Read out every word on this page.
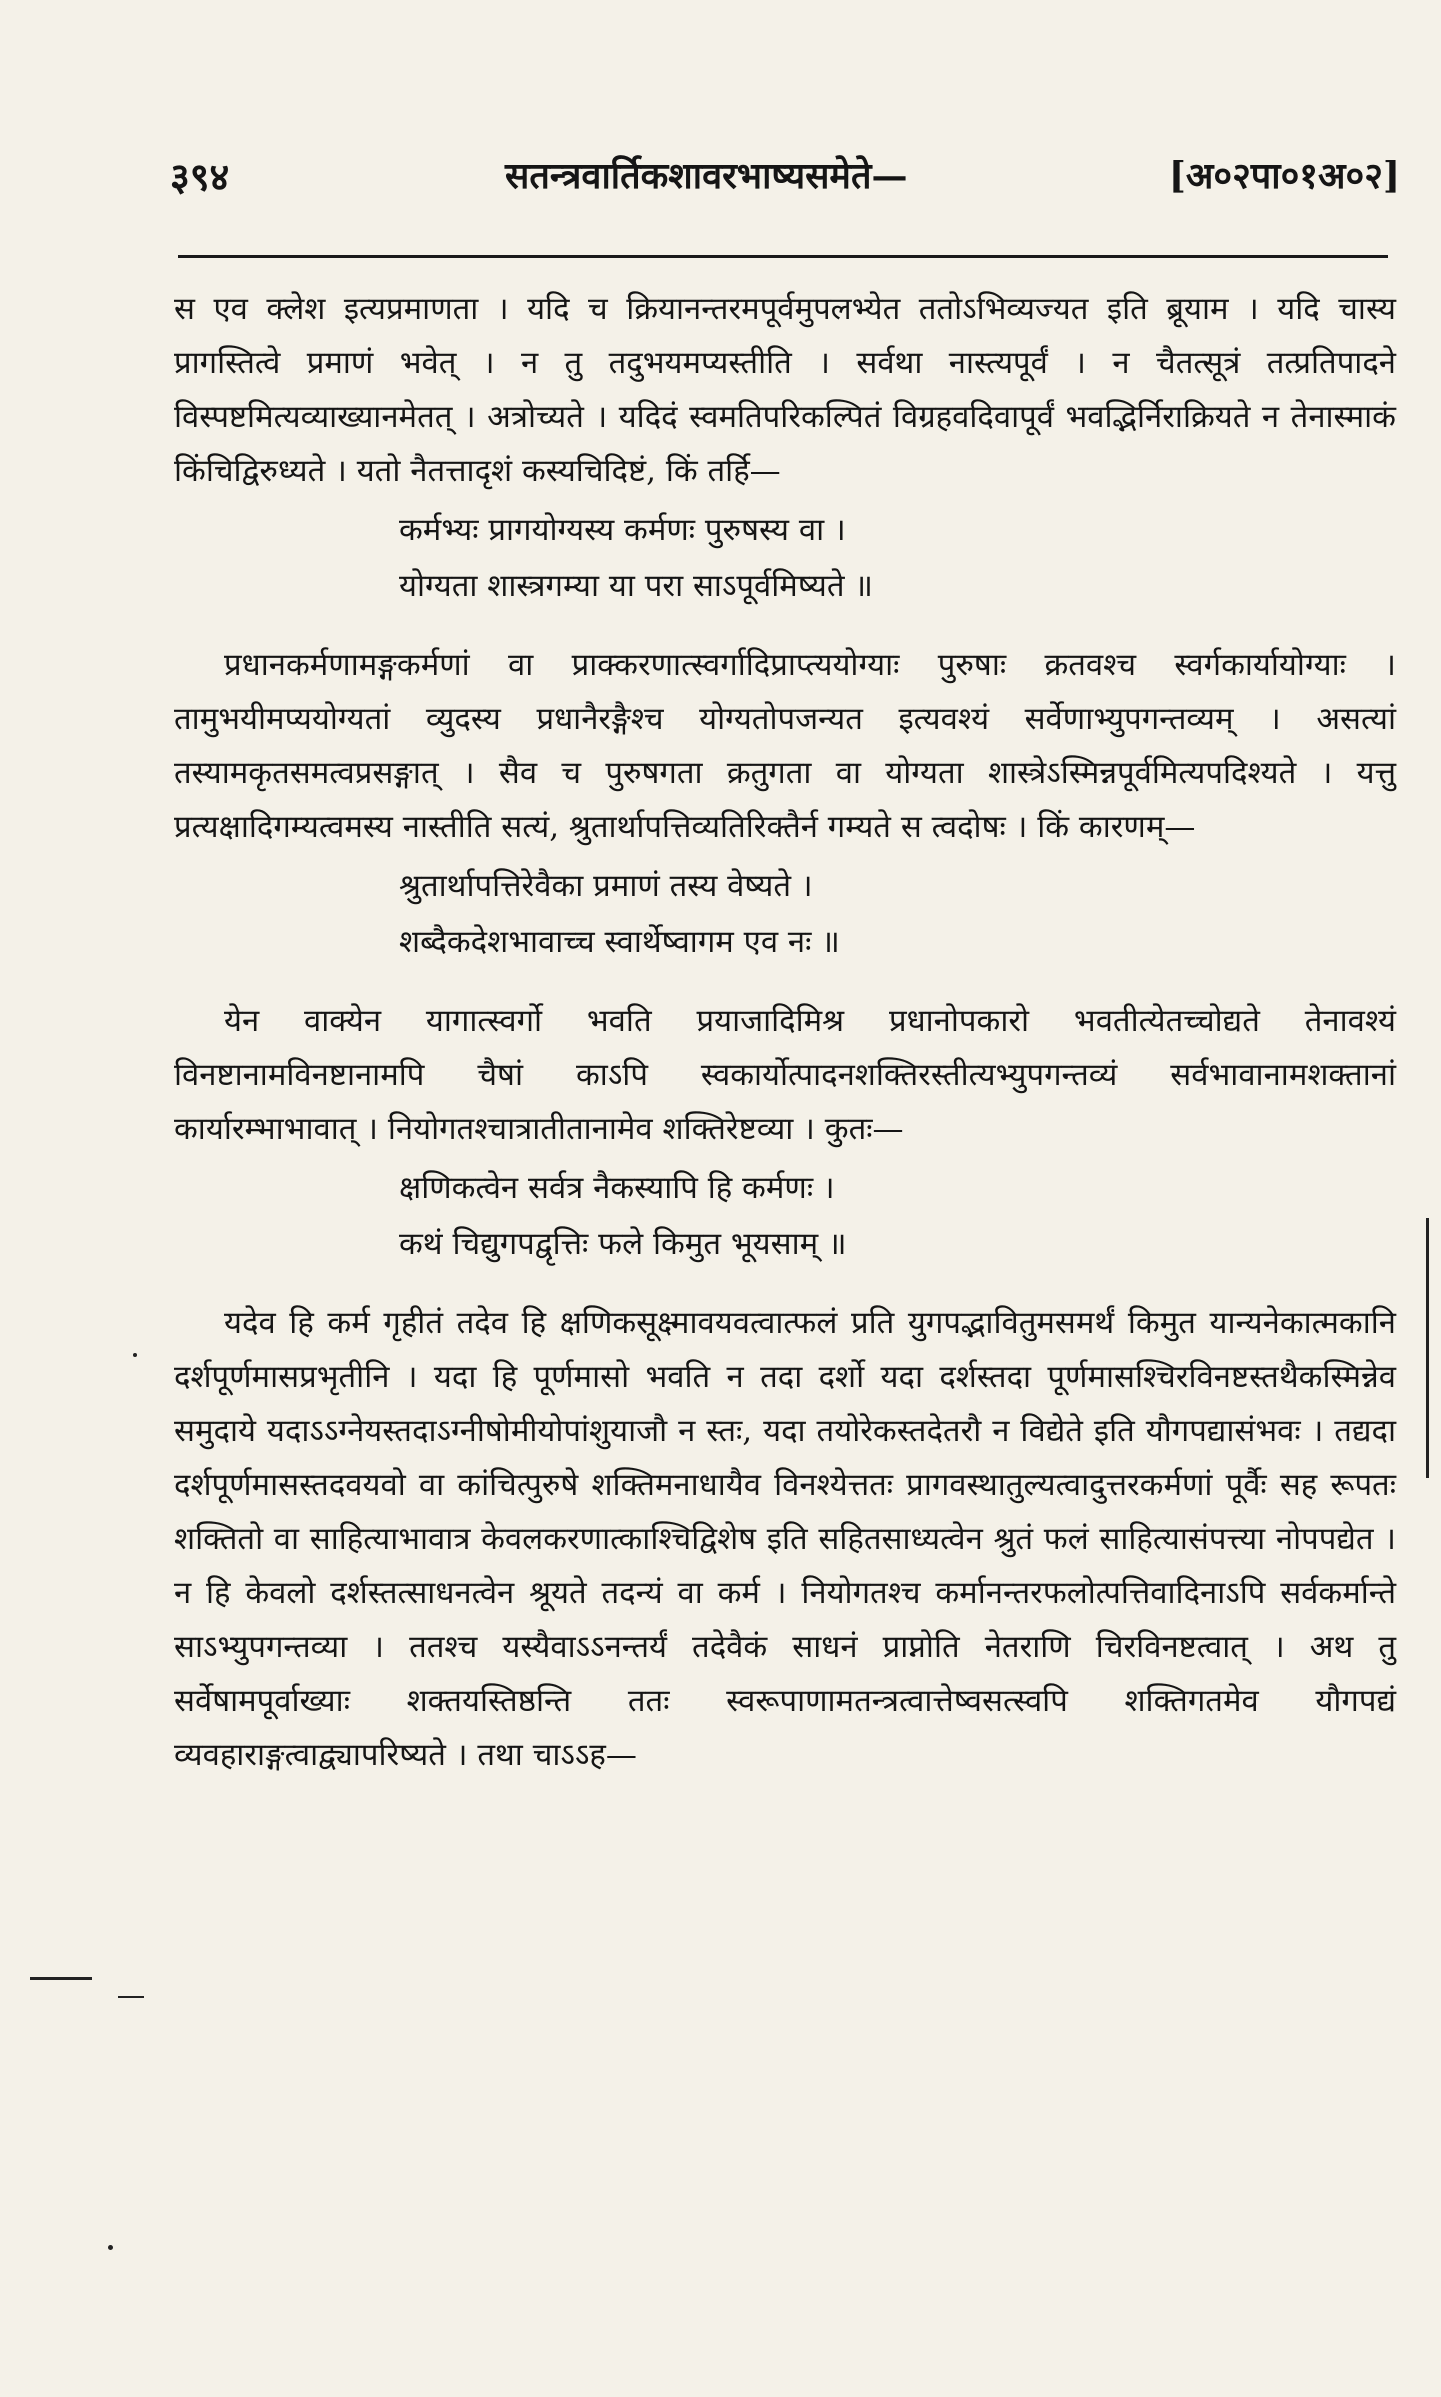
३९४	सतन्त्रवार्तिकशावरभाष्यसमेते—	[अ०२पा०१अ०२]

स एव क्लेश इत्यप्रमाणता । यदि च क्रियानन्तरमपूर्वमुपलभ्येत ततोऽभिव्यज्यत इति ब्रूयाम । यदि चास्य प्रागस्तित्वे प्रमाणं भवेत् । न तु तदुभयमप्यस्तीति । सर्वथा नास्त्यपूर्वं । न चैतत्सूत्रं तत्प्रतिपादने विस्पष्टमित्यव्याख्यानमेतत् । अत्रोच्यते । यदिदं स्वमतिपरिकल्पितं विग्रहवदिवापूर्वं भवद्भिर्निराक्रियते न तेनास्माकं किंचिद्विरुध्यते । यतो नैतत्तादृशं कस्यचिदिष्टं, किं तर्हि—

कर्मभ्यः प्रागयोग्यस्य कर्मणः पुरुषस्य वा ।
योग्यता शास्त्रगम्या या परा साऽपूर्वमिष्यते ॥

प्रधानकर्मणामङ्गकर्मणां वा प्राक्करणात्स्वर्गादिप्राप्त्ययोग्याः पुरुषाः क्रतवश्च स्वर्गकार्यायोग्याः । तामुभयीमप्ययोग्यतां व्युदस्य प्रधानैरङ्गैश्च योग्यतोपजन्यत इत्यवश्यं सर्वेणाभ्युपगन्तव्यम् । असत्यां तस्यामकृतसमत्वप्रसङ्गात् । सैव च पुरुषगता क्रतुगता वा योग्यता शास्त्रेऽस्मिन्नपूर्वमित्यपदिश्यते । यत्तु प्रत्यक्षादिगम्यत्वमस्य नास्तीति सत्यं, श्रुतार्थापत्तिव्यतिरिक्तैर्न गम्यते स त्वदोषः । किं कारणम्—

श्रुतार्थापत्तिरेवैका प्रमाणं तस्य वेष्यते ।
शब्दैकदेशभावाच्च स्वार्थेष्वागम एव नः ॥

येन वाक्येन यागात्स्वर्गो भवति प्रयाजादिमिश्र प्रधानोपकारो भवतीत्येतच्चोद्यते तेनावश्यं विनष्टानामविनष्टानामपि चैषां काऽपि स्वकार्योत्पादनशक्तिरस्तीत्यभ्युपगन्तव्यं सर्वभावानामशक्तानां कार्यारम्भाभावात् । नियोगतश्चात्रातीतानामेव शक्तिरेष्टव्या । कुतः—

क्षणिकत्वेन सर्वत्र नैकस्यापि हि कर्मणः ।
कथं चिद्युगपद्वृत्तिः फले किमुत भूयसाम् ॥

यदेव हि कर्म गृहीतं तदेव हि क्षणिकसूक्ष्मावयवत्वात्फलं प्रति युगपद्भावितुमसमर्थं किमुत यान्यनेकात्मकानि दर्शपूर्णमासप्रभृतीनि । यदा हि पूर्णमासो भवति न तदा दर्शो यदा दर्शस्तदा पूर्णमासश्चिरविनष्टस्तथैकस्मिन्नेव समुदाये यदाऽऽग्नेयस्तदाऽग्नीषोमीयोपांशुयाजौ न स्तः, यदा तयोरेकस्तदेतरौ न विद्येते इति यौगपद्यासंभवः । तद्यदा दर्शपूर्णमासस्तदवयवो वा कांचित्पुरुषे शक्तिमनाधायैव विनश्येत्ततः प्रागवस्थातुल्यत्वादुत्तरकर्मणां पूर्वैः सह रूपतः शक्तितो वा साहित्याभावात्र केवलकरणात्काश्चिद्विशेष इति सहितसाध्यत्वेन श्रुतं फलं साहित्यासंपत्त्या नोपपद्येत । न हि केवलो दर्शस्तत्साधनत्वेन श्रूयते तदन्यं वा कर्म । नियोगतश्च कर्मानन्तरफलोत्पत्तिवादिनाऽपि सर्वकर्मान्ते साऽभ्युपगन्तव्या । ततश्च यस्यैवाऽऽनन्तर्यं तदेवैकं साधनं प्राप्नोति नेतराणि चिरविनष्टत्वात् । अथ तु सर्वेषामपूर्वाख्याः शक्तयस्तिष्ठन्ति ततः स्वरूपाणामतन्त्रत्वात्तेष्वसत्स्वपि शक्तिगतमेव यौगपद्यं व्यवहाराङ्गत्वाद्व्यापरिष्यते । तथा चाऽऽह—
